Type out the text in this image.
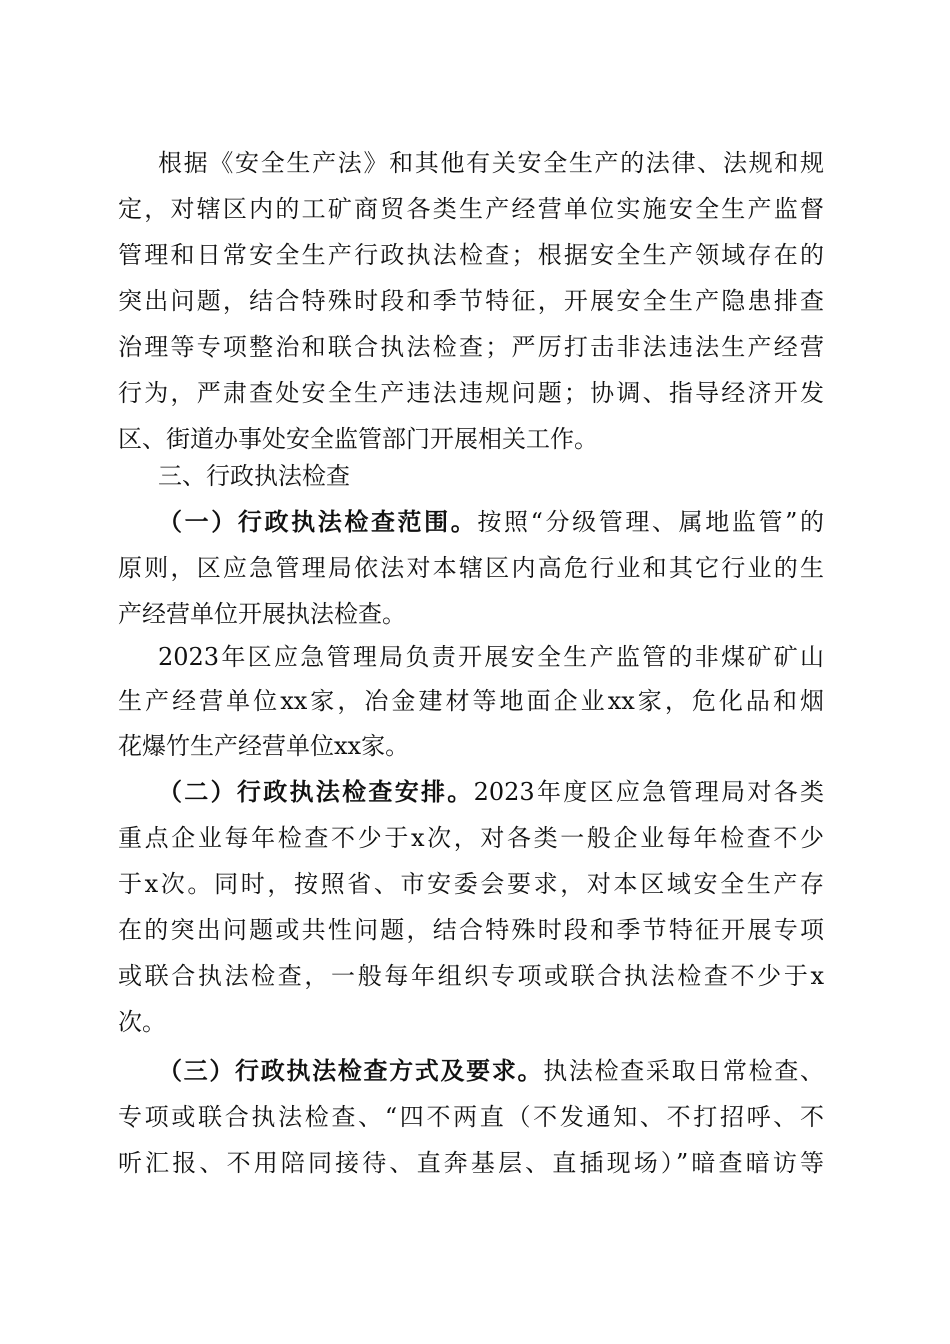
根据《安全生产法》和其他有关安全生产的法律、法规和规
定，对辖区内的工矿商贸各类生产经营单位实施安全生产监督
管理和日常安全生产行政执法检查；根据安全生产领域存在的
突出问题，结合特殊时段和季节特征，开展安全生产隐患排查
治理等专项整治和联合执法检查；严厉打击非法违法生产经营
行为，严肃查处安全生产违法违规问题；协调、指导经济开发
区、街道办事处安全监管部门开展相关工作。
三、行政执法检查
（一）行政执法检查范围。按照“分级管理、属地监管”的
原则，区应急管理局依法对本辖区内高危行业和其它行业的生
产经营单位开展执法检查。
2023年区应急管理局负责开展安全生产监管的非煤矿矿山
生产经营单位xx家，冶金建材等地面企业xx家，危化品和烟
花爆竹生产经营单位xx家。
（二）行政执法检查安排。2023年度区应急管理局对各类
重点企业每年检查不少于x次，对各类一般企业每年检查不少
于x次。同时，按照省、市安委会要求，对本区域安全生产存
在的突出问题或共性问题，结合特殊时段和季节特征开展专项
或联合执法检查，一般每年组织专项或联合执法检查不少于x
次。
（三）行政执法检查方式及要求。执法检查采取日常检查、
专项或联合执法检查、“四不两直（不发通知、不打招呼、不
听汇报、不用陪同接待、直奔基层、直插现场）”暗查暗访等
